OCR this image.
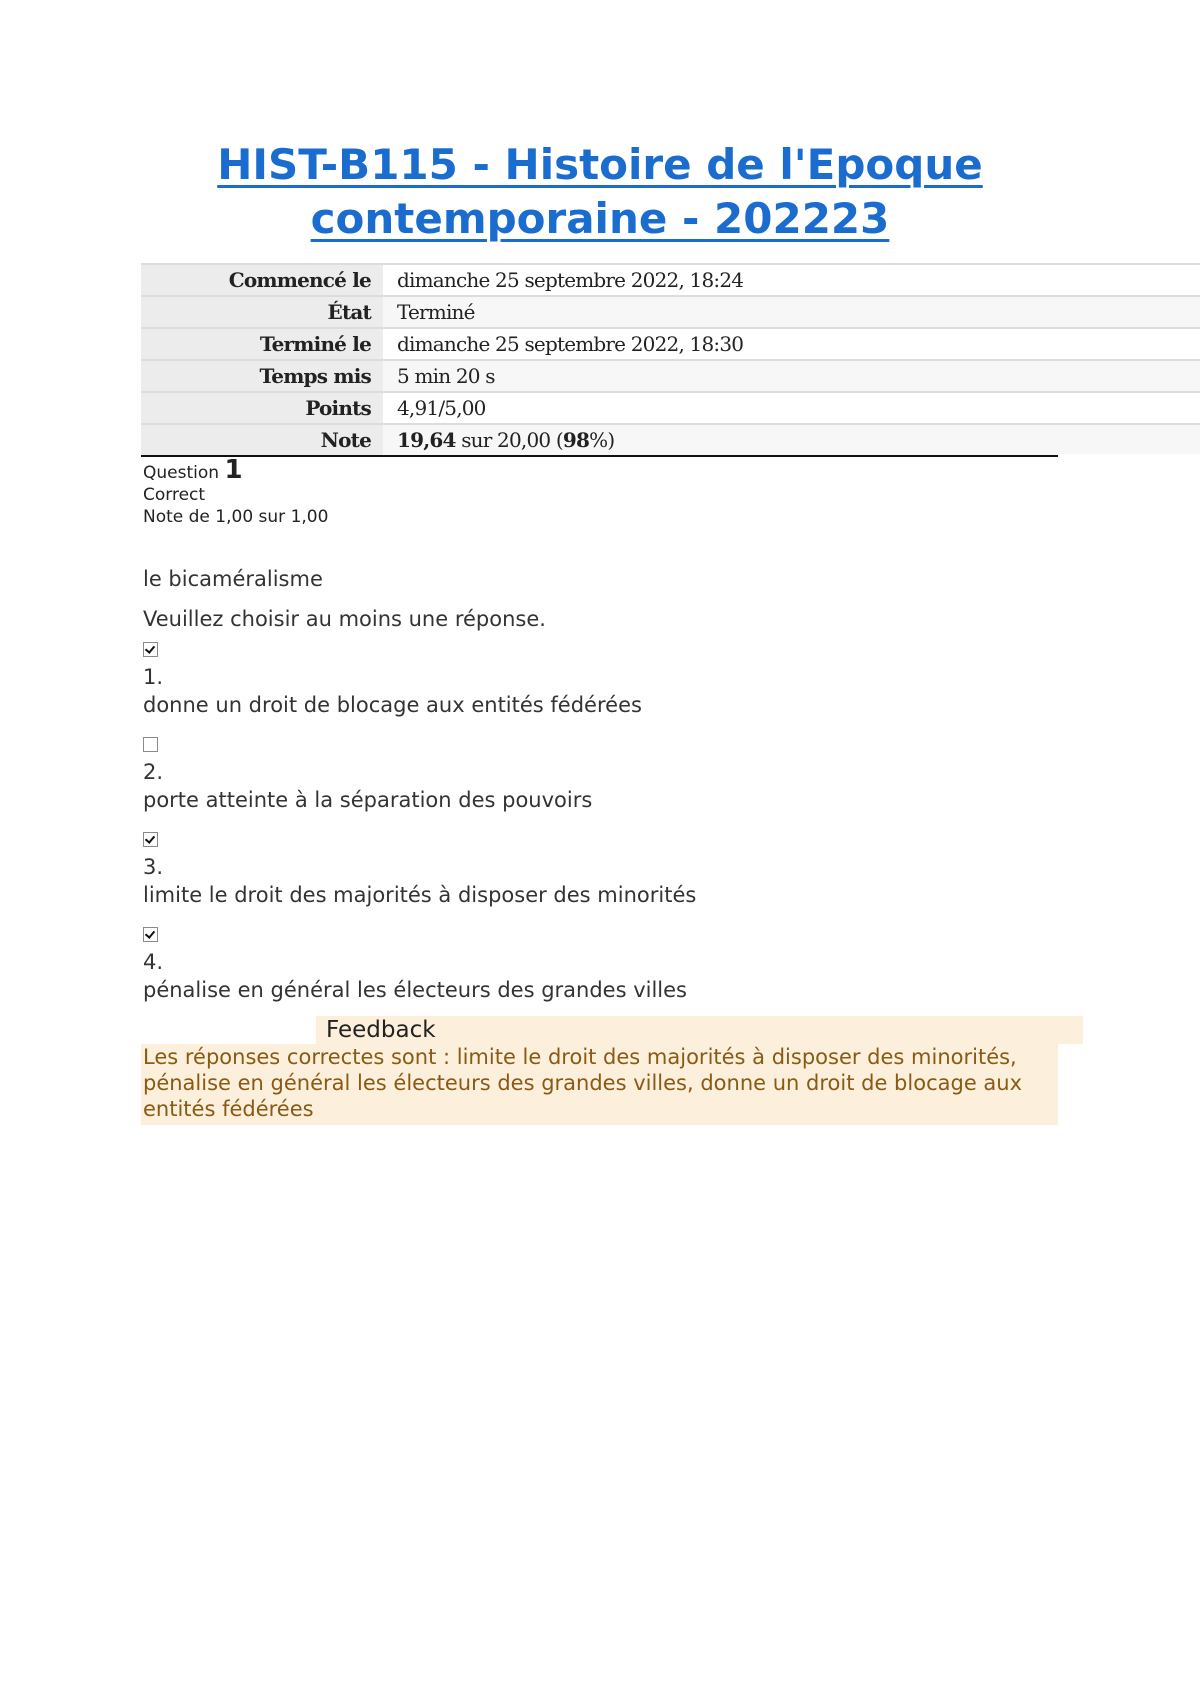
HIST-B115 - Histoire de l'Epoque contemporaine - 202223
Commencé le	dimanche 25 septembre 2022, 18:24
État	Terminé
Terminé le	dimanche 25 septembre 2022, 18:30
Temps mis	5 min 20 s
Points	4,91/5,00
Note	19,64 sur 20,00 (98%)
Question 1
Correct
Note de 1,00 sur 1,00
le bicaméralisme
Veuillez choisir au moins une réponse.
1.
donne un droit de blocage aux entités fédérées
2.
porte atteinte à la séparation des pouvoirs
3.
limite le droit des majorités à disposer des minorités
4.
pénalise en général les électeurs des grandes villes
Feedback
Les réponses correctes sont : limite le droit des majorités à disposer des minorités, pénalise en général les électeurs des grandes villes, donne un droit de blocage aux entités fédérées
